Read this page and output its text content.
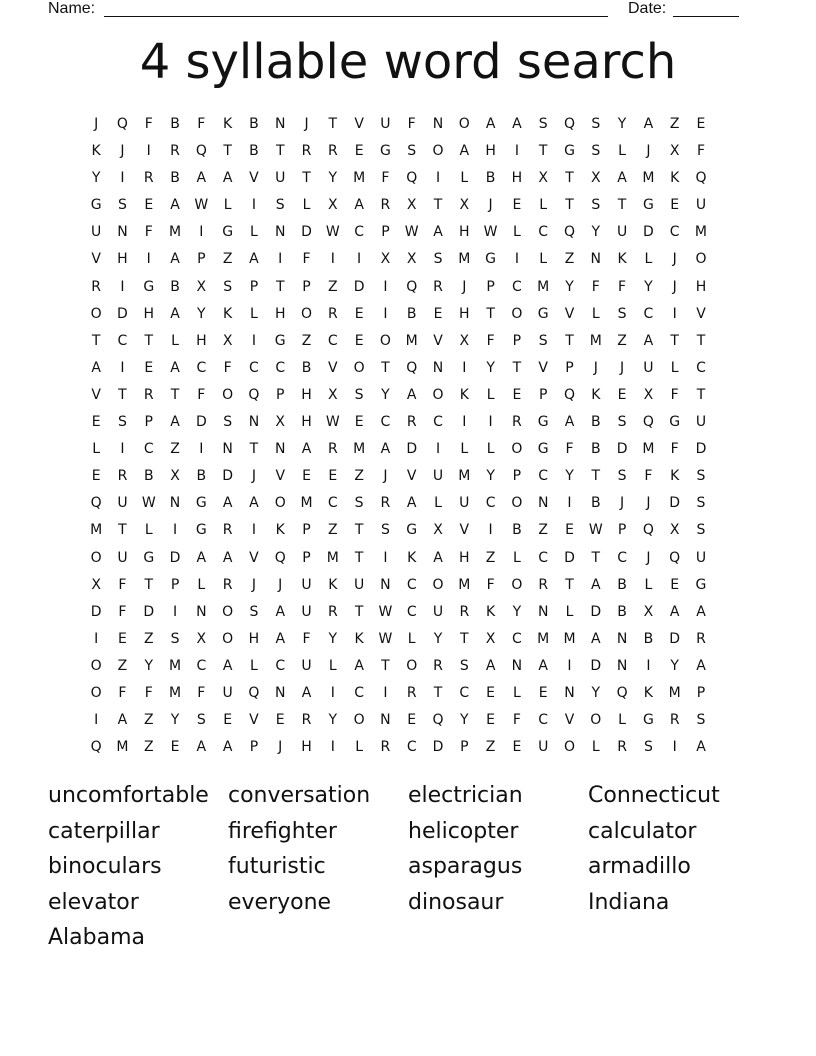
Name:	Date:
4 syllable word search
J	Q	F	B	F	K	B	N	J	T	V	U	F	N	O	A	A	S	Q	S	Y	A	Z	E
K	J	I	R	Q	T	B	T	R	R	E	G	S	O	A	H	I	T	G	S	L	J	X	F
Y	I	R	B	A	A	V	U	T	Y	M	F	Q	I	L	B	H	X	T	X	A	M	K	Q
G	S	E	A	W	L	I	S	L	X	A	R	X	T	X	J	E	L	T	S	T	G	E	U
U	N	F	M	I	G	L	N	D W	C	P	W	A	H	W	L	C	Q	Y	U	D	C	M
V	H	I	A	P	Z	A	I	F	I	I	X	X	S	M	G	I	L	Z	N	K	L	J	O
R	I	G	B	X	S	P	T	P	Z	D	I	Q	R	J	P	C	M	Y	F	F	Y	J	H
O	D	H	A	Y	K	L	H	O	R	E	I	B	E	H	T	O	G	V	L	S	C	I	V
T	C	T	L	H	X	I	G	Z	C	E	O	M	V	X	F	P	S	T	M	Z	A	T	T
A	I	E	A	C	F	C	C	B	V	O	T	Q	N	I	Y	T	V	P	J	J	U	L	C
V	T	R	T	F	O	Q	P	H	X	S	Y	A	O	K	L	E	P	Q	K	E	X	F	T
E	S	P	A	D	S	N	X	H	W	E	C	R	C	I	I	R	G	A	B	S	Q	G	U
L	I	C	Z	I	N	T	N	A	R	M	A	D	I	L	L	O	G	F	B	D	M	F	D
E	R	B	X	B	D	J	V	E	E	Z	J	V	U	M	Y	P	C	Y	T	S	F	K	S
Q	U	W	N	G	A	A	O	M	C	S	R	A	L	U	C	O	N	I	B	J	J	D	S
M	T	L	I	G	R	I	K	P	Z	T	S	G	X	V	I	B	Z	E	W	P	Q	X	S
O	U	G	D	A	A	V	Q	P	M	T	I	K	A	H	Z	L	C	D	T	C	J	Q	U
X	F	T	P	L	R	J	J	U	K	U	N	C	O	M	F	O	R	T	A	B	L	E	G
D	F	D	I	N	O	S	A	U	R	T	W	C	U	R	K	Y	N	L	D	B	X	A	A
I	E	Z	S	X	O	H	A	F	Y	K	W	L	Y	T	X	C	M	M	A	N	B	D	R
O	Z	Y	M	C	A	L	C	U	L	A	T	O	R	S	A	N	A	I	D	N	I	Y	A
O	F	F	M	F	U	Q	N	A	I	C	I	R	T	C	E	L	E	N	Y	Q	K	M	P
I	A	Z	Y	S	E	V	E	R	Y	O	N	E	Q	Y	E	F	C	V	O	L	G	R	S
Q	M	Z	E	A	A	P	J	H	I	L	R	C	D	P	Z	E	U	O	L	R	S	I	A
uncomfortable conversation	electrician	Connecticut
caterpillar	firefighter	helicopter	calculator
binoculars	futuristic	asparagus	armadillo
elevator	everyone	dinosaur	Indiana
Alabama
